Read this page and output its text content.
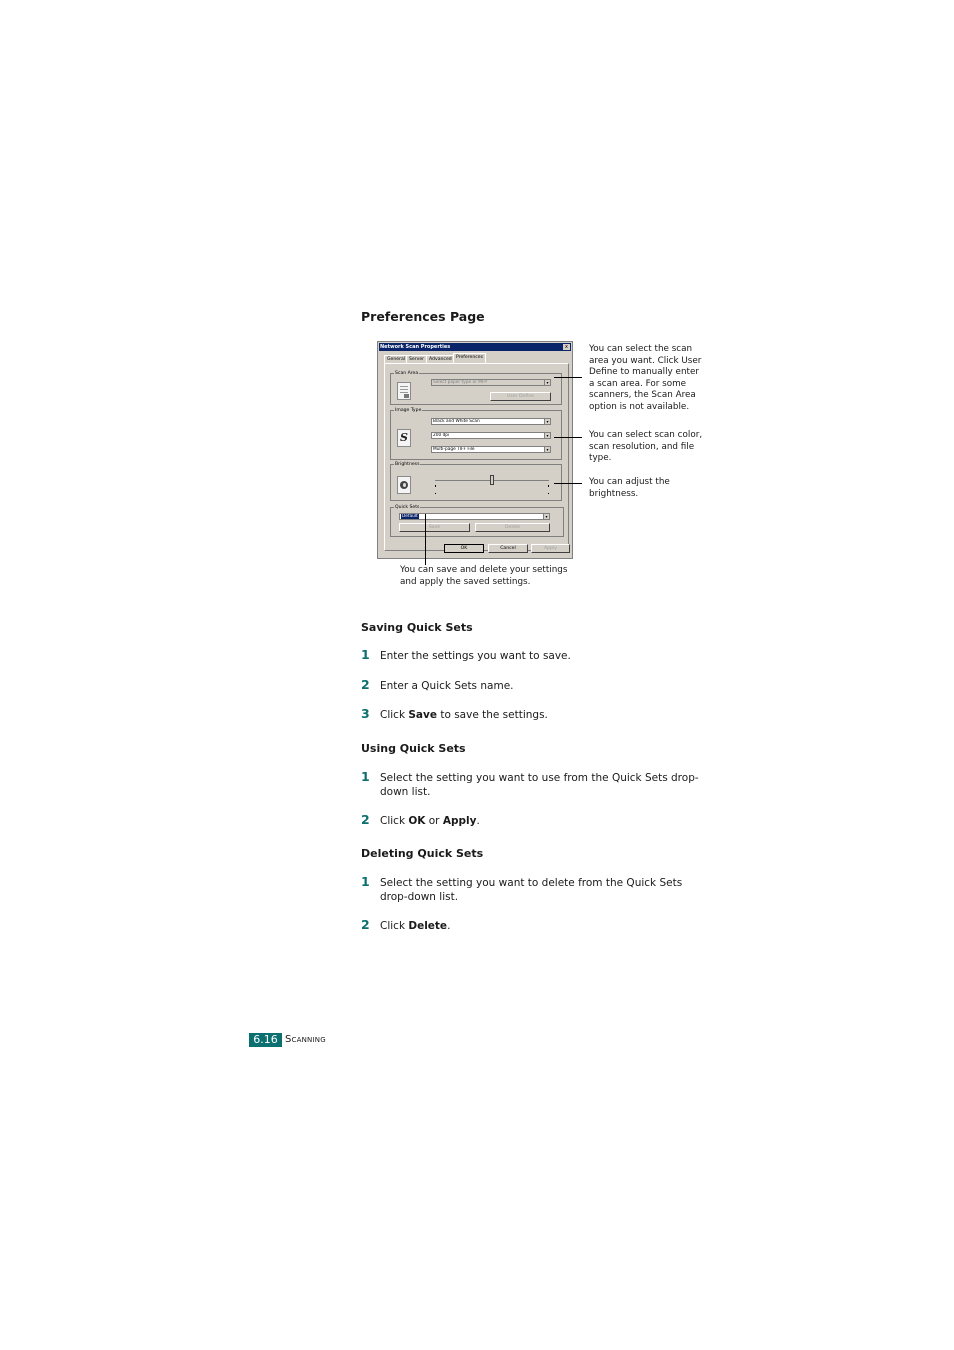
Preferences Page
Network Scan Properties	x
General Server	Advanced Preferences
Scan Area
Select paper type or MFP	▾
User Define
Image Type
S
Black and White Scan	▾
200 dpi	▾
Multi-page TIFF File	▾
Brightness
Quick Sets
Default	▾
Save	Delete
OK	Cancel	Apply
You can select the scan area you want. Click User Define to manually enter a scan area. For some scanners, the Scan Area option is not available.
You can select scan color, scan resolution, and file type.
You can adjust the brightness.
You can save and delete your settings and apply the saved settings.
Saving Quick Sets
1 Enter the settings you want to save.
2 Enter a Quick Sets name.
3 Click Save to save the settings.
Using Quick Sets
1 Select the setting you want to use from the Quick Sets drop-down list.
2 Click OK or Apply.
Deleting Quick Sets
1 Select the setting you want to delete from the Quick Sets drop-down list.
2 Click Delete.
6.16 Scanning
